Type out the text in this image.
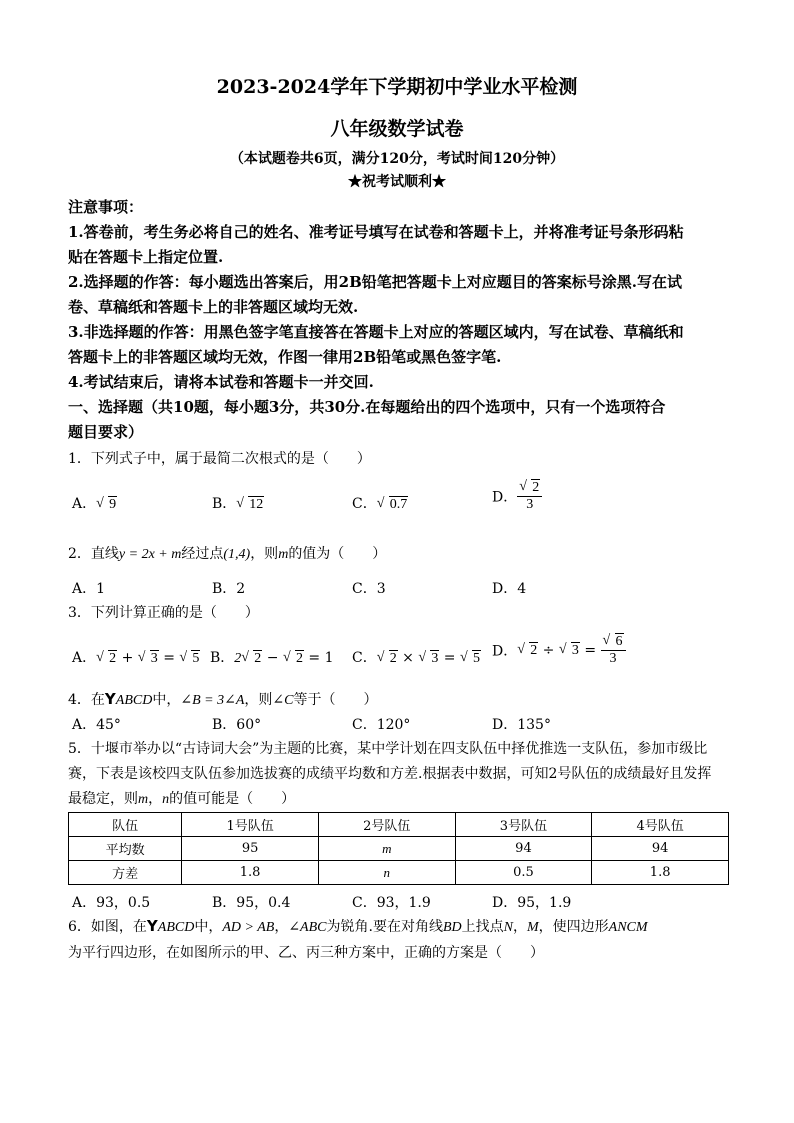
2023-2024学年下学期初中学业水平检测
八年级数学试卷
（本试题卷共6页，满分120分，考试时间120分钟）
★祝考试顺利★
注意事项：
1.答卷前，考生务必将自己的姓名、准考证号填写在试卷和答题卡上，并将准考证号条形码粘
贴在答题卡上指定位置.
2.选择题的作答：每小题选出答案后，用2B铅笔把答题卡上对应题目的答案标号涂黑.写在试
卷、草稿纸和答题卡上的非答题区域均无效.
3.非选择题的作答：用黑色签字笔直接答在答题卡上对应的答题区域内，写在试卷、草稿纸和
答题卡上的非答题区域均无效，作图一律用2B铅笔或黑色签字笔.
4.考试结束后，请将本试卷和答题卡一并交回.
一、选择题（共10题，每小题3分，共30分.在每题给出的四个选项中，只有一个选项符合
题目要求）
1．下列式子中，属于最简二次根式的是（　　）
A． √ 9	B． √ 12	C． √ 0.7	D． √ $\frac{2}{3}$
2．直线y = 2x + m经过点(1,4)，则m的值为（　　）
A．1	B．2	C．3	D．4
3．下列计算正确的是（　　）
A． √ 2 + √ 3 = √ 5 B．2 √ 2 − √ 2 = 1 C． √ 2 × √ 3 = √ 5 D． √ 2 ÷ √ 3 = √ $\frac{6}{3}$
4．在YABCD中，∠B = 3∠A，则∠C等于（　　）
A．45°	B．60°	C．120°	D．135°
5．十堰市举办以“古诗词大会”为主题的比赛，某中学计划在四支队伍中择优推选一支队伍，参加市级比
赛，下表是该校四支队伍参加选拔赛的成绩平均数和方差.根据表中数据，可知2号队伍的成绩最好且发挥
最稳定，则m，n的值可能是（　　）
队伍	1号队伍	2号队伍	3号队伍	4号队伍
平均数	95	m	94	94
方差	1.8	n	0.5	1.8
A．93，0.5	B．95，0.4	C．93，1.9	D．95，1.9
6．如图，在YABCD中，AD > AB，∠ABC为锐角.要在对角线BD上找点N，M，使四边形ANCM
为平行四边形，在如图所示的甲、乙、丙三种方案中，正确的方案是（　　）
